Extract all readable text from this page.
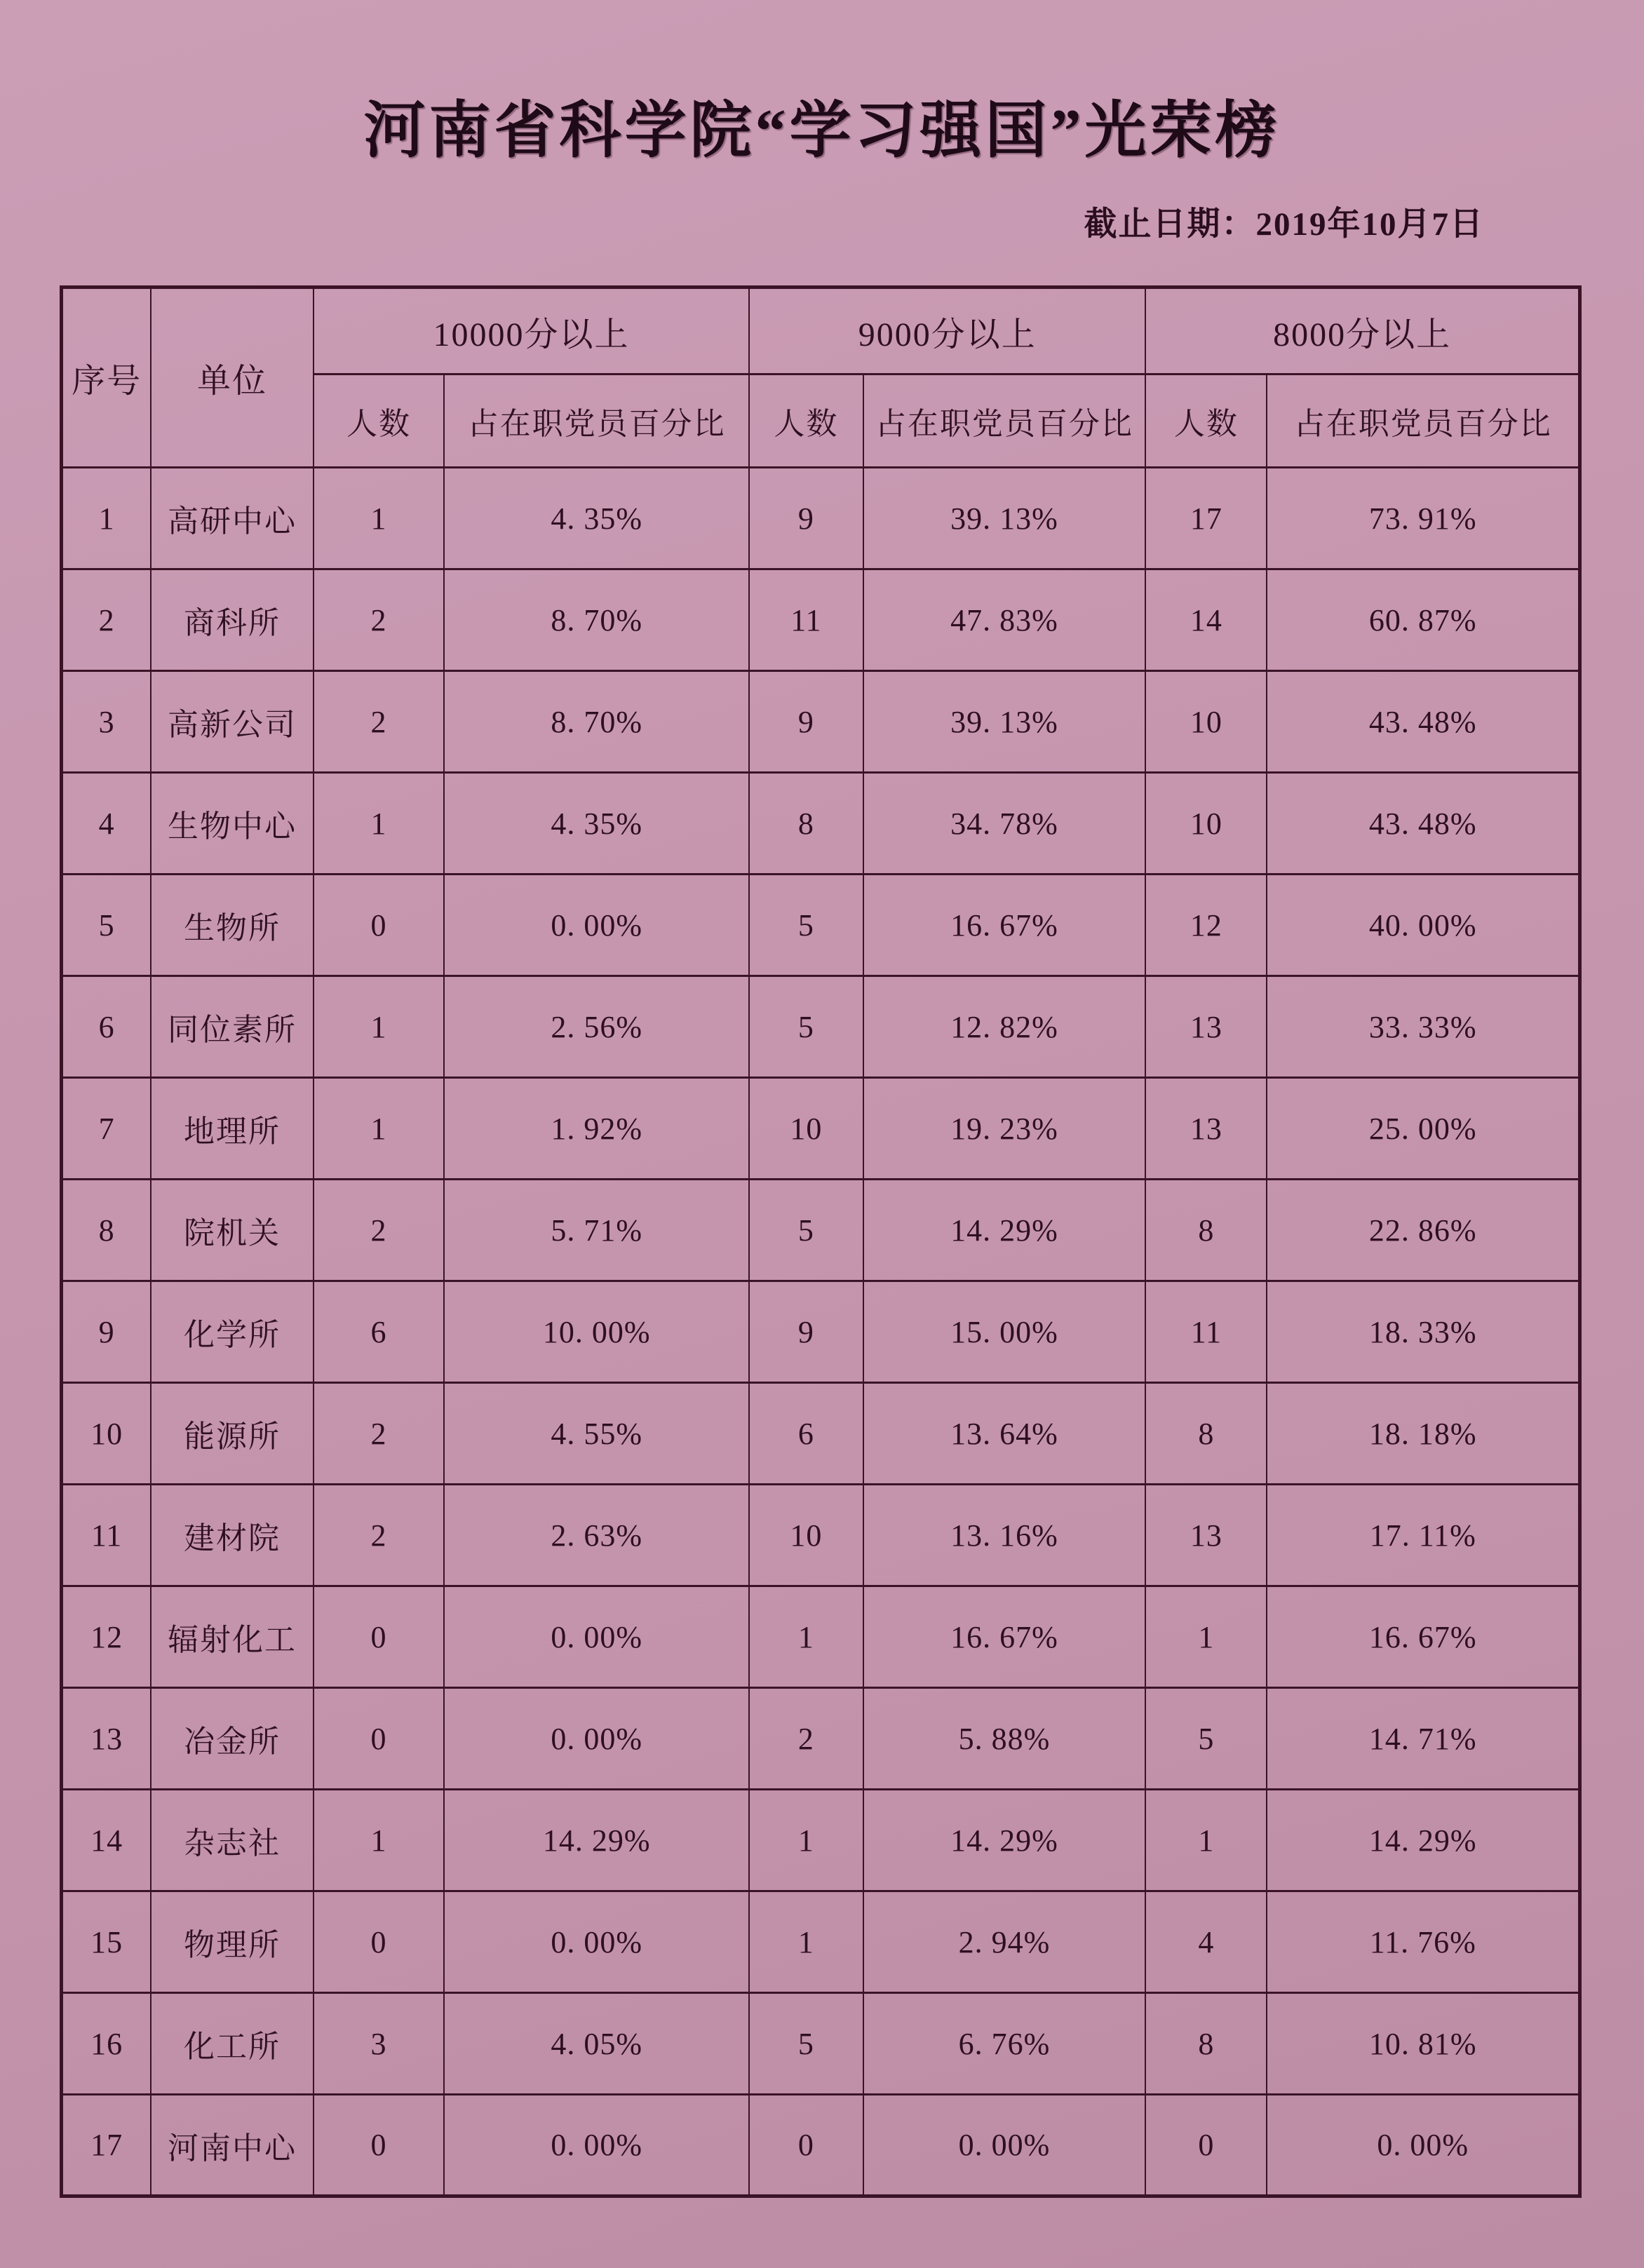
河南省科学院“学习强国”光荣榜
截止日期：2019年10月7日
序号	单位	10000分以上		9000分以上		8000分以上	
		人数	占在职党员百分比	人数	占在职党员百分比	人数	占在职党员百分比
1	高研中心	1	4. 35%	9	39. 13%	17	73. 91%
2	商科所	2	8. 70%	11	47. 83%	14	60. 87%
3	高新公司	2	8. 70%	9	39. 13%	10	43. 48%
4	生物中心	1	4. 35%	8	34. 78%	10	43. 48%
5	生物所	0	0. 00%	5	16. 67%	12	40. 00%
6	同位素所	1	2. 56%	5	12. 82%	13	33. 33%
7	地理所	1	1. 92%	10	19. 23%	13	25. 00%
8	院机关	2	5. 71%	5	14. 29%	8	22. 86%
9	化学所	6	10. 00%	9	15. 00%	11	18. 33%
10	能源所	2	4. 55%	6	13. 64%	8	18. 18%
11	建材院	2	2. 63%	10	13. 16%	13	17. 11%
12	辐射化工	0	0. 00%	1	16. 67%	1	16. 67%
13	冶金所	0	0. 00%	2	5. 88%	5	14. 71%
14	杂志社	1	14. 29%	1	14. 29%	1	14. 29%
15	物理所	0	0. 00%	1	2. 94%	4	11. 76%
16	化工所	3	4. 05%	5	6. 76%	8	10. 81%
17	河南中心	0	0. 00%	0	0. 00%	0	0. 00%
